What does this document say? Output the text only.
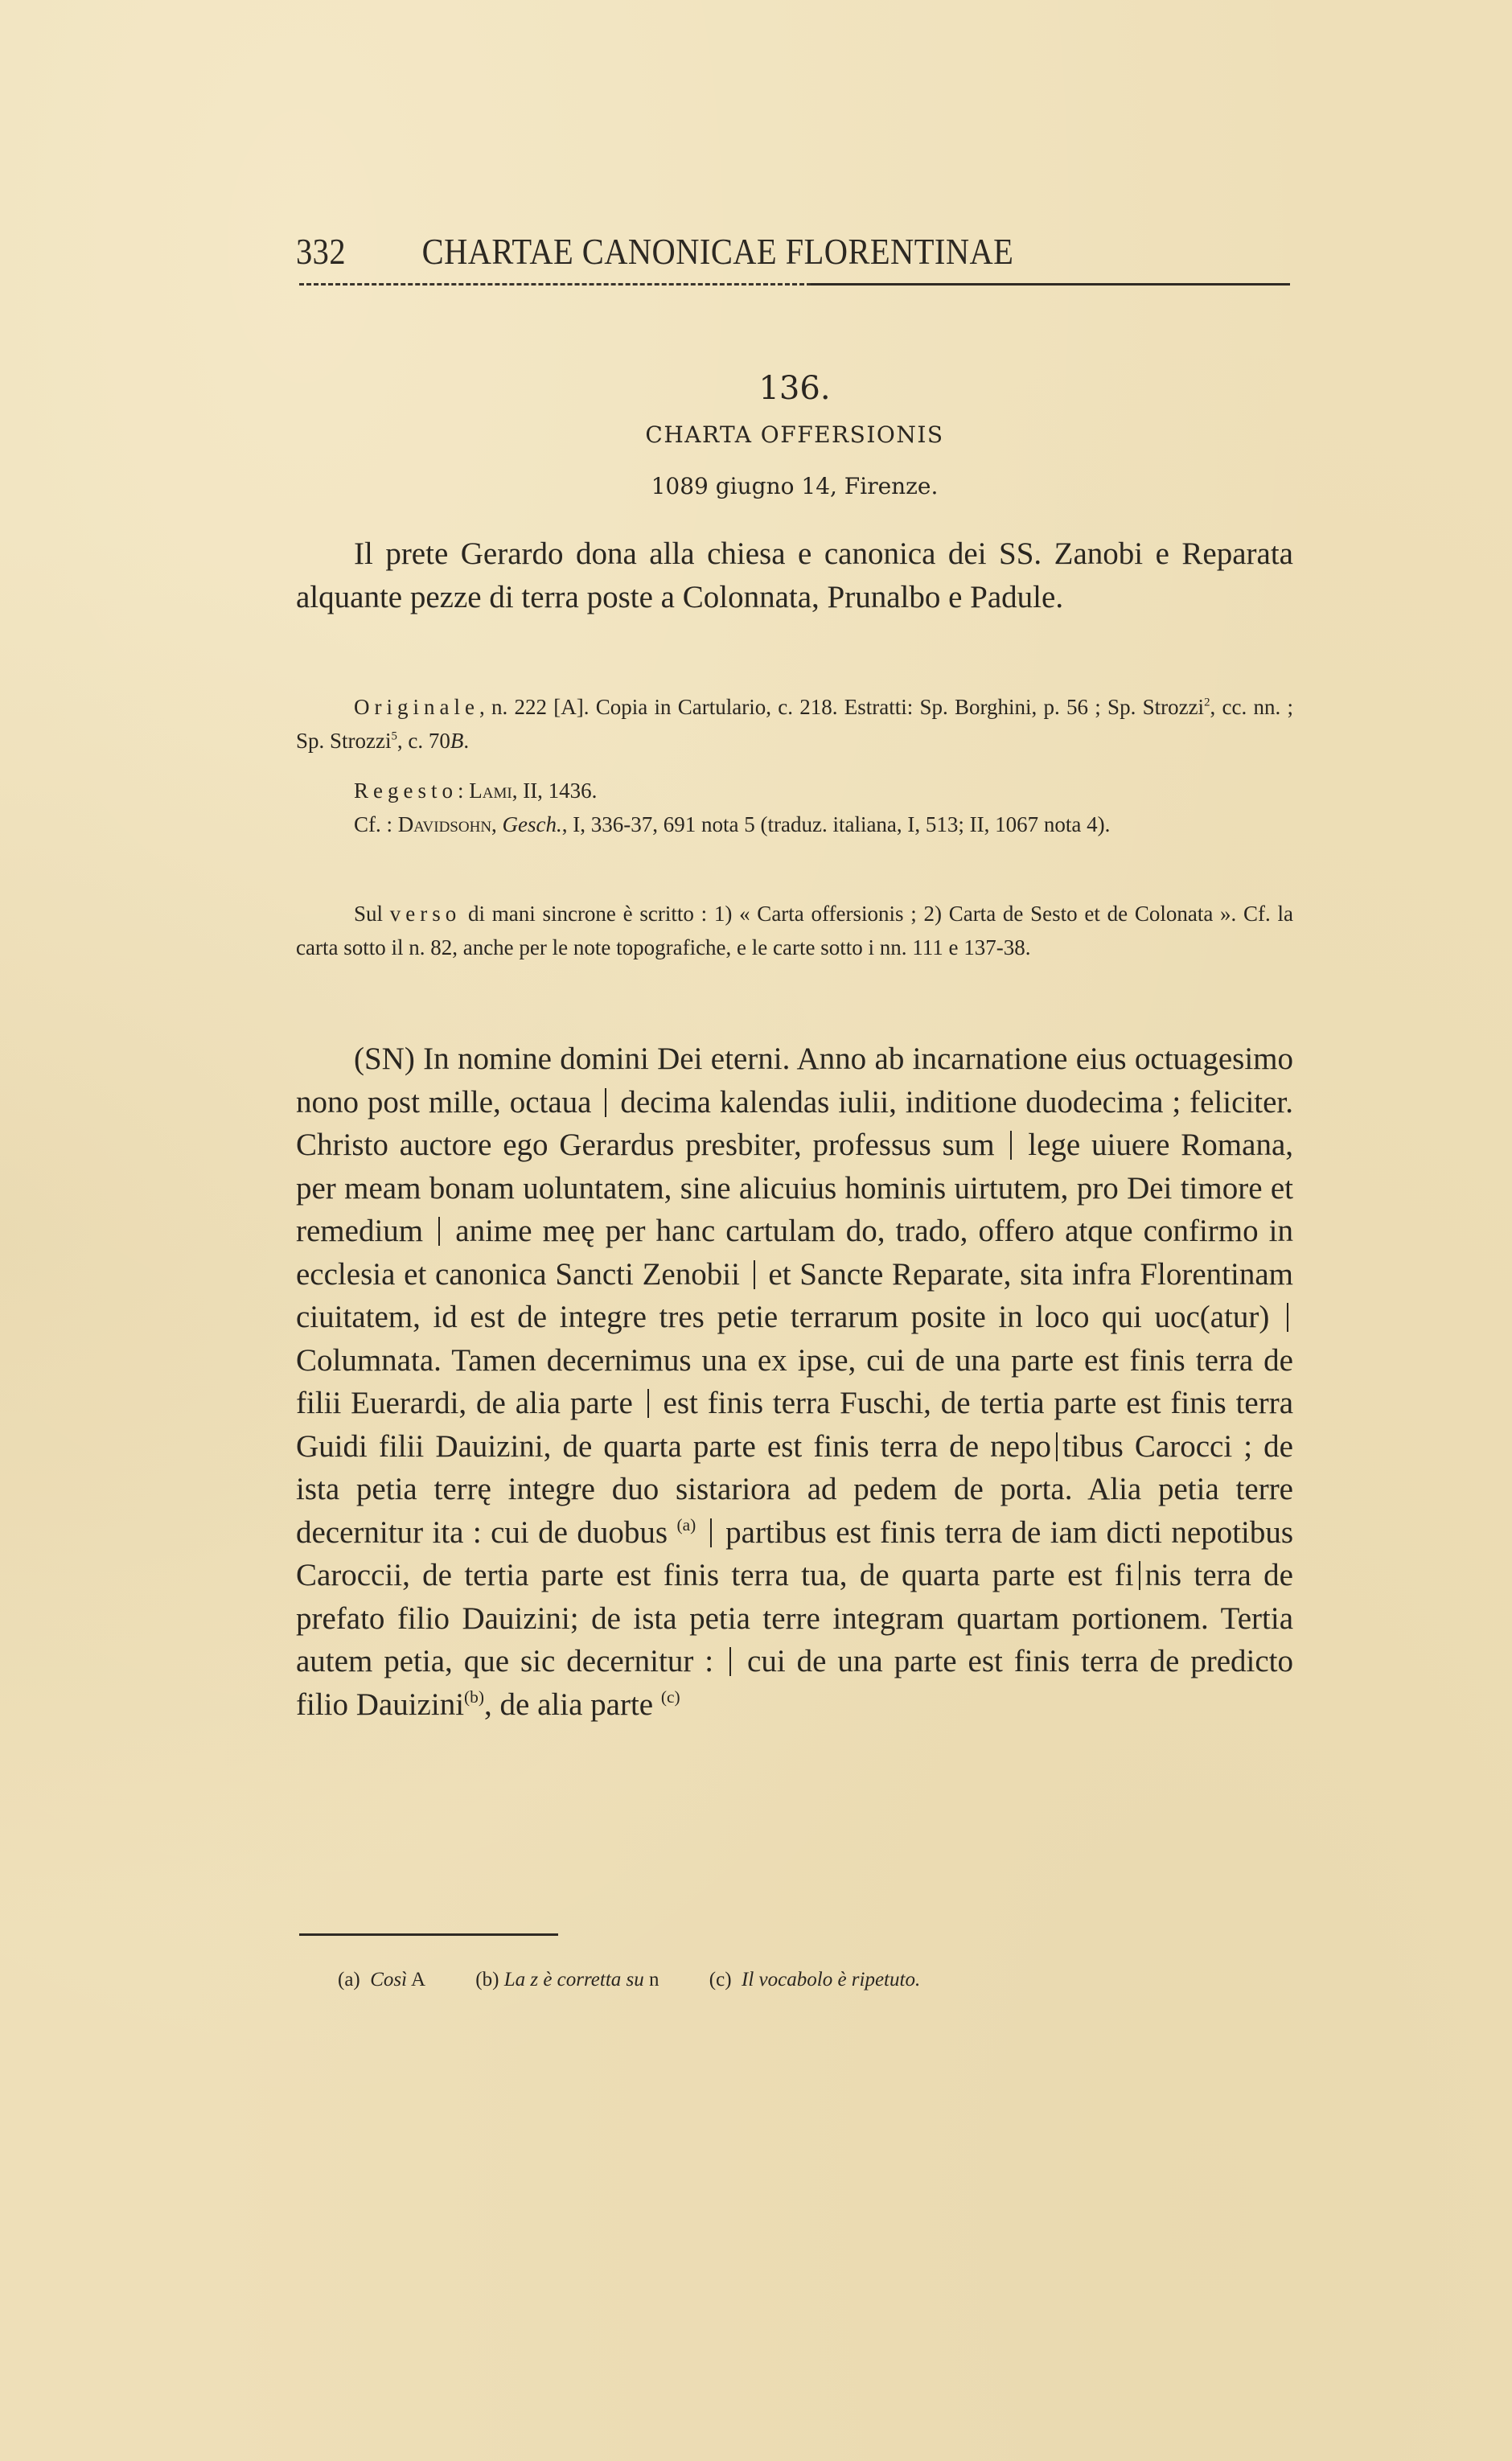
332 CHARTAE CANONICAE FLORENTINAE
136.
CHARTA OFFERSIONIS
1089 giugno 14, Firenze.
Il prete Gerardo dona alla chiesa e canonica dei SS. Zanobi e Reparata alquante pezze di terra poste a Colonnata, Prunalbo e Padule.

Originale, n. 222 [A]. Copia in Cartulario, c. 218. Estratti: Sp. Borghini, p. 56 ; Sp. Strozzi$^2$, cc. nn. ; Sp. Strozzi$^5$, c. 70B.

Regesto: Lami, II, 1436.

Cf. : Davidsohn, Gesch., I, 336-37, 691 nota 5 (traduz. italiana, I, 513; II, 1067 nota 4).

Sul verso di mani sincrone è scritto : 1) « Carta offersionis ; 2) Carta de Sesto et de Colonata ». Cf. la carta sotto il n. 82, anche per le note topografiche, e le carte sotto i nn. 111 e 137-38.

(SN) In nomine domini Dei eterni. Anno ab incarnatione eius octuagesimo nono post mille, octaua decima kalendas iulii, inditione duodecima ; feliciter. Christo auctore ego Gerardus presbiter, professus sum lege uiuere Romana, per meam bonam uoluntatem, sine alicuius hominis uirtutem, pro Dei timore et remedium anime meę per hanc cartulam do, trado, offero atque confirmo in ecclesia et canonica Sancti Zenobii et Sancte Reparate, sita infra Florentinam ciuitatem, id est de integre tres petie terrarum posite in loco qui uoc(atur)  Columnata. Tamen decernimus una ex ipse, cui de una parte est finis terra de filii Euerardi, de alia parte est finis terra Fuschi, de tertia parte est finis terra Guidi filii Dauizini, de quarta parte est finis terra de nepo tibus Carocci ; de ista petia terrę integre duo sistariora ad pedem de porta. Alia petia terre decernitur ita : cui de duobus $^{(a)}$ partibus est finis terra de iam dicti nepotibus Caroccii, de tertia parte est finis terra tua, de quarta parte est fi nis terra de prefato filio Dauizini; de ista petia terre integram quartam portionem. Tertia autem petia, que sic decernitur : cui de una parte est finis terra de predicto filio Dauizini$^{(b)}$, de alia parte $^{(c)}$

(a) Così A (b) La z è corretta su n (c) Il vocabolo è ripetuto.
